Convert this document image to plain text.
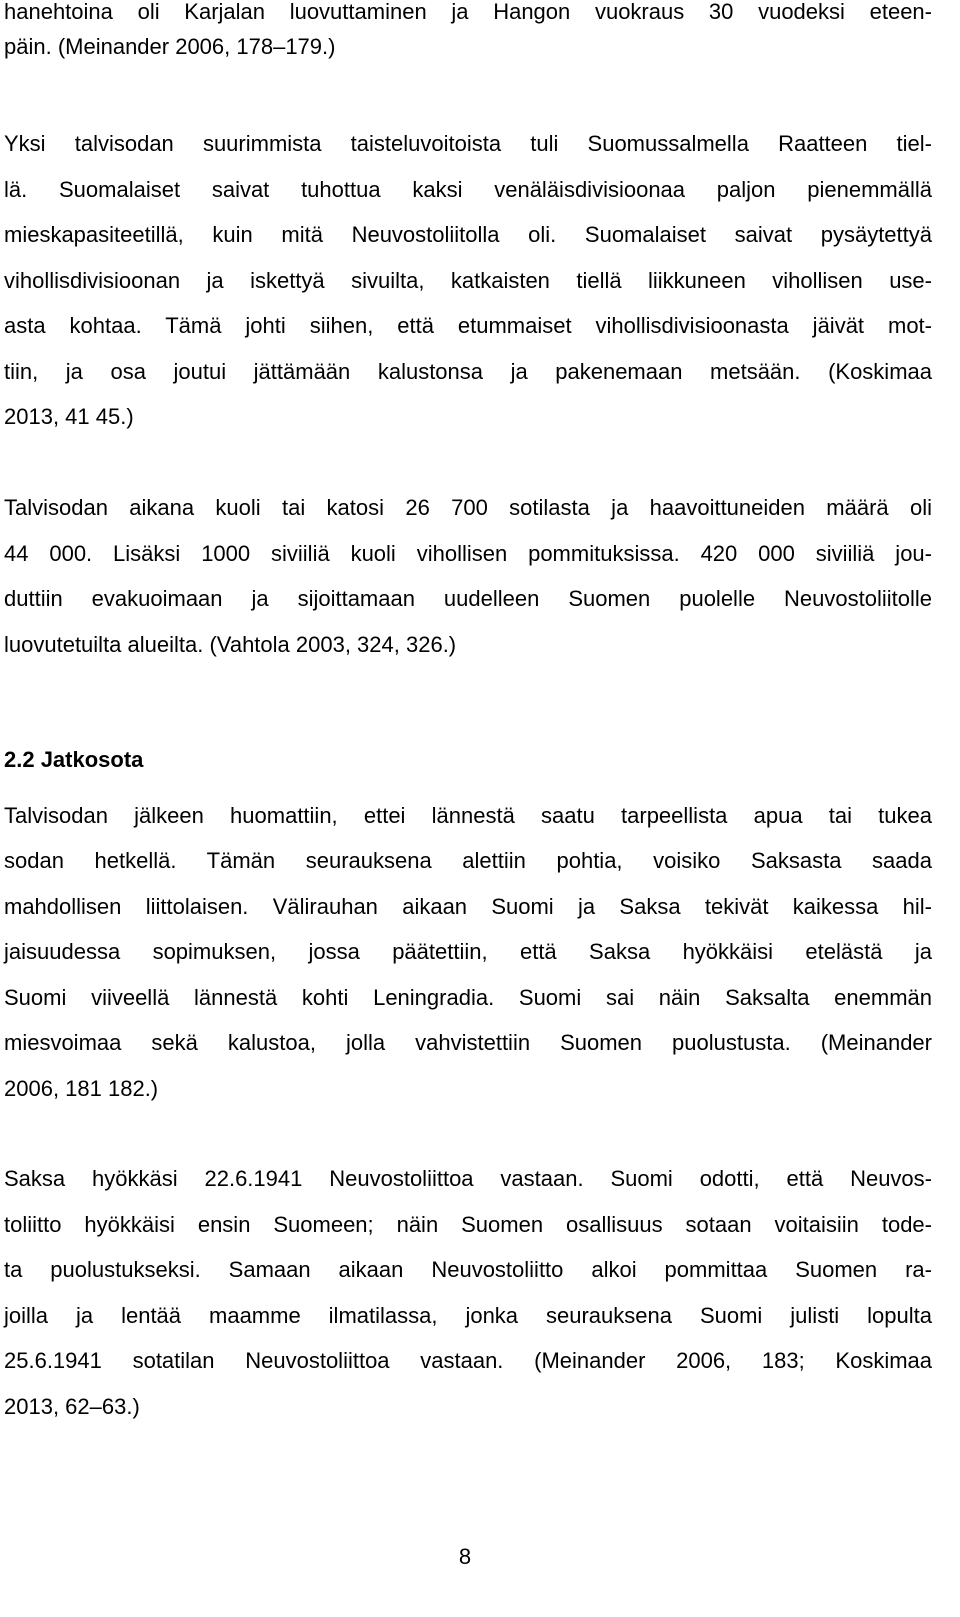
hanehtoina oli Karjalan luovuttaminen ja Hangon vuokraus 30 vuodeksi eteen-
päin. (Meinander 2006, 178–179.)
Yksi talvisodan suurimmista taisteluvoitoista tuli Suomussalmella Raatteen tiel-
lä. Suomalaiset saivat tuhottua kaksi venäläisdivisioonaa paljon pienemmällä
mieskapasiteetillä, kuin mitä Neuvostoliitolla oli. Suomalaiset saivat pysäytettyä
vihollisdivisioonan ja iskettyä sivuilta, katkaisten tiellä liikkuneen vihollisen use-
asta kohtaa. Tämä johti siihen, että etummaiset vihollisdivisioonasta jäivät mot-
tiin, ja osa joutui jättämään kalustonsa ja pakenemaan metsään. (Koskimaa
2013, 41 45.)
Talvisodan aikana kuoli tai katosi 26 700 sotilasta ja haavoittuneiden määrä oli
44 000. Lisäksi 1000 siviiliä kuoli vihollisen pommituksissa. 420 000 siviiliä jou-
duttiin evakuoimaan ja sijoittamaan uudelleen Suomen puolelle Neuvostoliitolle
luovutetuilta alueilta. (Vahtola 2003, 324, 326.)
2.2 Jatkosota
Talvisodan jälkeen huomattiin, ettei lännestä saatu tarpeellista apua tai tukea
sodan hetkellä. Tämän seurauksena alettiin pohtia, voisiko Saksasta saada
mahdollisen liittolaisen. Välirauhan aikaan Suomi ja Saksa tekivät kaikessa hil-
jaisuudessa sopimuksen, jossa päätettiin, että Saksa hyökkäisi etelästä ja
Suomi viiveellä lännestä kohti Leningradia. Suomi sai näin Saksalta enemmän
miesvoimaa sekä kalustoa, jolla vahvistettiin Suomen puolustusta. (Meinander
2006, 181 182.)
Saksa hyökkäsi 22.6.1941 Neuvostoliittoa vastaan. Suomi odotti, että Neuvos-
toliitto hyökkäisi ensin Suomeen; näin Suomen osallisuus sotaan voitaisiin tode-
ta puolustukseksi. Samaan aikaan Neuvostoliitto alkoi pommittaa Suomen ra-
joilla ja lentää maamme ilmatilassa, jonka seurauksena Suomi julisti lopulta
25.6.1941 sotatilan Neuvostoliittoa vastaan. (Meinander 2006, 183; Koskimaa
2013, 62–63.)
8
